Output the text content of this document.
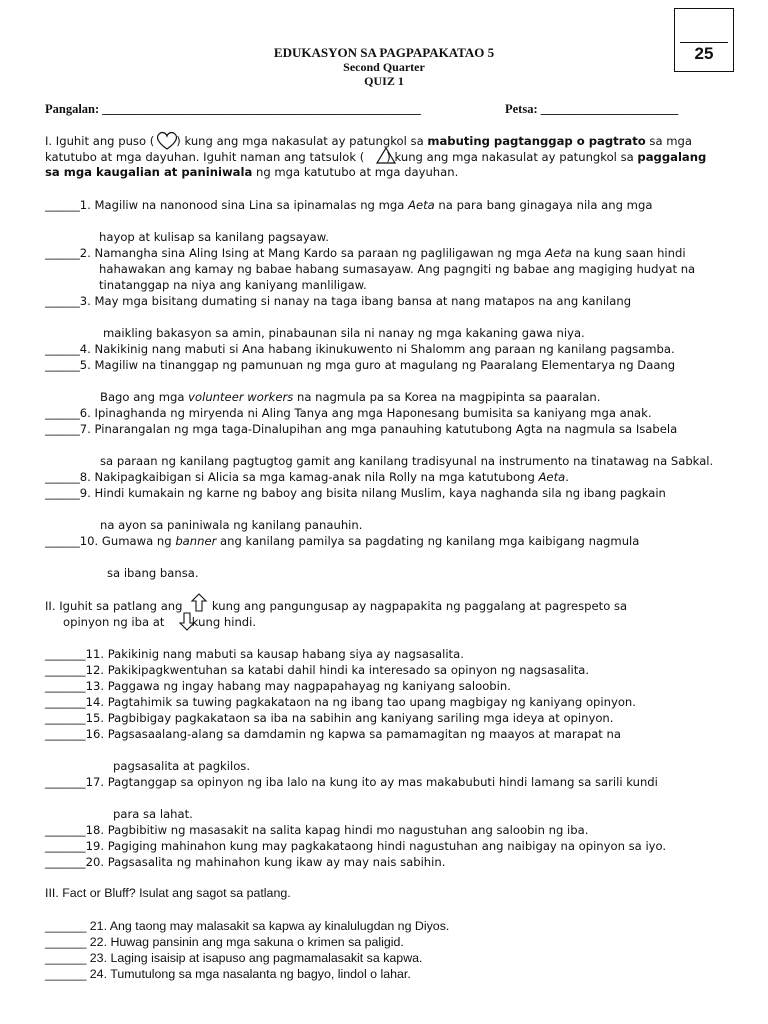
25
EDUKASYON SA PAGPAPAKATAO 5
Second Quarter
QUIZ 1
Pangalan: ___________________________________________________	Petsa: ______________________
I. Iguhit ang puso ( ) kung ang mga nakasulat ay patungkol sa mabuting pagtanggap o pagtrato sa mga
katutubo at mga dayuhan. Iguhit naman ang tatsulok ( ) kung ang mga nakasulat ay patungkol sa paggalang
sa mga kaugalian at paniniwala ng mga katutubo at mga dayuhan.
______1. Magiliw na nanonood sina Lina sa ipinamalas ng mga Aeta na para bang ginagaya nila ang mga
hayop at kulisap sa kanilang pagsayaw.
______2. Namangha sina Aling Ising at Mang Kardo sa paraan ng pagliligawan ng mga Aeta na kung saan hindi
hahawakan ang kamay ng babae habang sumasayaw. Ang pagngiti ng babae ang magiging hudyat na
tinatanggap na niya ang kaniyang manliligaw.
______3. May mga bisitang dumating si nanay na taga ibang bansa at nang matapos na ang kanilang
maikling bakasyon sa amin, pinabaunan sila ni nanay ng mga kakaning gawa niya.
______4. Nakikinig nang mabuti si Ana habang ikinukuwento ni Shalomm ang paraan ng kanilang pagsamba.
______5. Magiliw na tinanggap ng pamunuan ng mga guro at magulang ng Paaralang Elementarya ng Daang
Bago ang mga volunteer workers na nagmula pa sa Korea na magpipinta sa paaralan.
______6. Ipinaghanda ng miryenda ni Aling Tanya ang mga Haponesang bumisita sa kaniyang mga anak.
______7. Pinarangalan ng mga taga-Dinalupihan ang mga panauhing katutubong Agta na nagmula sa Isabela
sa paraan ng kanilang pagtugtog gamit ang kanilang tradisyunal na instrumento na tinatawag na Sabkal.
______8. Nakipagkaibigan si Alicia sa mga kamag-anak nila Rolly na mga katutubong Aeta.
______9. Hindi kumakain ng karne ng baboy ang bisita nilang Muslim, kaya naghanda sila ng ibang pagkain
na ayon sa paniniwala ng kanilang panauhin.
______10. Gumawa ng banner ang kanilang pamilya sa pagdating ng kanilang mga kaibigang nagmula
sa ibang bansa.
II. Iguhit sa patlang ang  kung ang pangungusap ay nagpapakita ng paggalang at pagrespeto sa
opinyon ng iba at  kung hindi.
_______11. Pakikinig nang mabuti sa kausap habang siya ay nagsasalita.
_______12. Pakikipagkwentuhan sa katabi dahil hindi ka interesado sa opinyon ng nagsasalita.
_______13. Paggawa ng ingay habang may nagpapahayag ng kaniyang saloobin.
_______14. Pagtahimik sa tuwing pagkakataon na ng ibang tao upang magbigay ng kaniyang opinyon.
_______15. Pagbibigay pagkakataon sa iba na sabihin ang kaniyang sariling mga ideya at opinyon.
_______16. Pagsasaalang-alang sa damdamin ng kapwa sa pamamagitan ng maayos at marapat na
pagsasalita at pagkilos.
_______17. Pagtanggap sa opinyon ng iba lalo na kung ito ay mas makabubuti hindi lamang sa sarili kundi
para sa lahat.
_______18. Pagbibitiw ng masasakit na salita kapag hindi mo nagustuhan ang saloobin ng iba.
_______19. Pagiging mahinahon kung may pagkakataong hindi nagustuhan ang naibigay na opinyon sa iyo.
_______20. Pagsasalita ng mahinahon kung ikaw ay may nais sabihin.
III. Fact or Bluff? Isulat ang sagot sa patlang.
______ 21. Ang taong may malasakit sa kapwa ay kinalulugdan ng Diyos.
______ 22. Huwag pansinin ang mga sakuna o krimen sa paligid.
______ 23. Laging isaisip at isapuso ang pagmamalasakit sa kapwa.
______ 24. Tumutulong sa mga nasalanta ng bagyo, lindol o lahar.
